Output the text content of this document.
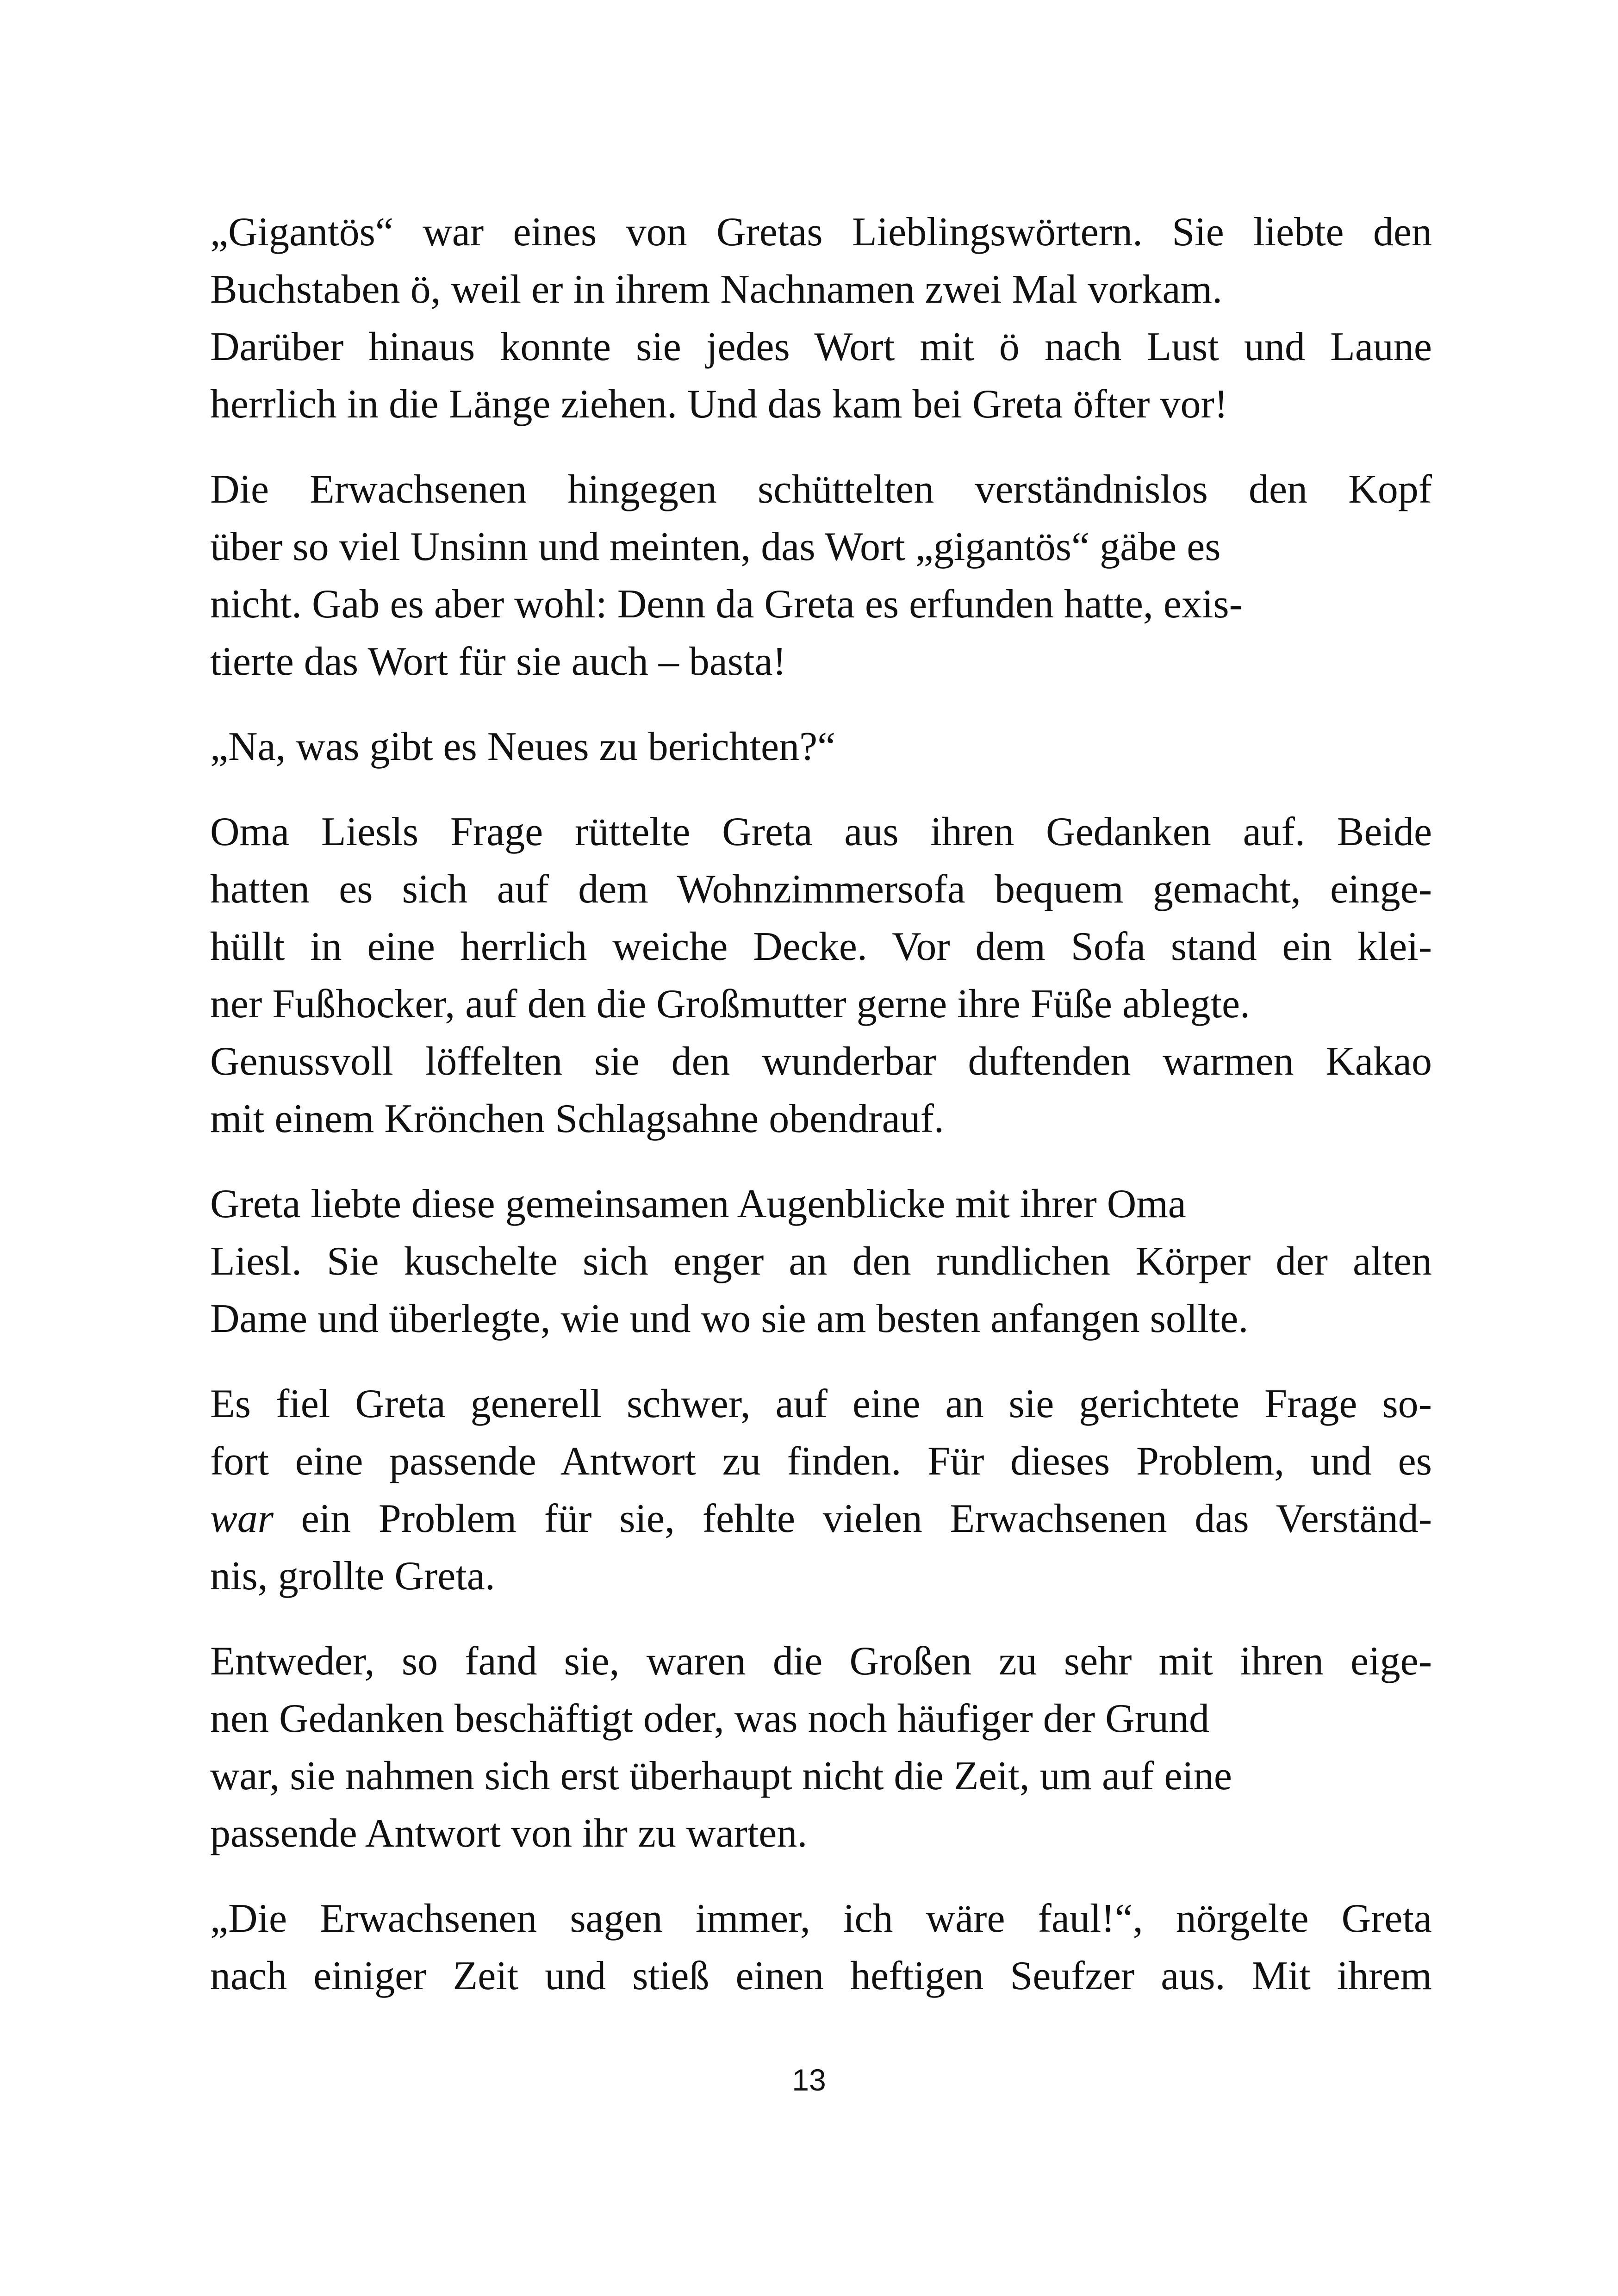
„Gigantös“ war eines von Gretas Lieblingswörtern. Sie liebte den
Buchstaben ö, weil er in ihrem Nachnamen zwei Mal vorkam.
Darüber hinaus konnte sie jedes Wort mit ö nach Lust und Laune
herrlich in die Länge ziehen. Und das kam bei Greta öfter vor!
Die Erwachsenen hingegen schüttelten verständnislos den Kopf
über so viel Unsinn und meinten, das Wort „gigantös“ gäbe es
nicht. Gab es aber wohl: Denn da Greta es erfunden hatte, exis-
tierte das Wort für sie auch – basta!
„Na, was gibt es Neues zu berichten?“
Oma Liesls Frage rüttelte Greta aus ihren Gedanken auf. Beide
hatten es sich auf dem Wohnzimmersofa bequem gemacht, einge-
hüllt in eine herrlich weiche Decke. Vor dem Sofa stand ein klei-
ner Fußhocker, auf den die Großmutter gerne ihre Füße ablegte.
Genussvoll löffelten sie den wunderbar duftenden warmen Kakao
mit einem Krönchen Schlagsahne obendrauf.
Greta liebte diese gemeinsamen Augenblicke mit ihrer Oma
Liesl. Sie kuschelte sich enger an den rundlichen Körper der alten
Dame und überlegte, wie und wo sie am besten anfangen sollte.
Es fiel Greta generell schwer, auf eine an sie gerichtete Frage so-
fort eine passende Antwort zu finden. Für dieses Problem, und es
war ein Problem für sie, fehlte vielen Erwachsenen das Verständ-
nis, grollte Greta.
Entweder, so fand sie, waren die Großen zu sehr mit ihren eige-
nen Gedanken beschäftigt oder, was noch häufiger der Grund
war, sie nahmen sich erst überhaupt nicht die Zeit, um auf eine
passende Antwort von ihr zu warten.
„Die Erwachsenen sagen immer, ich wäre faul!“, nörgelte Greta
nach einiger Zeit und stieß einen heftigen Seufzer aus. Mit ihrem
13
